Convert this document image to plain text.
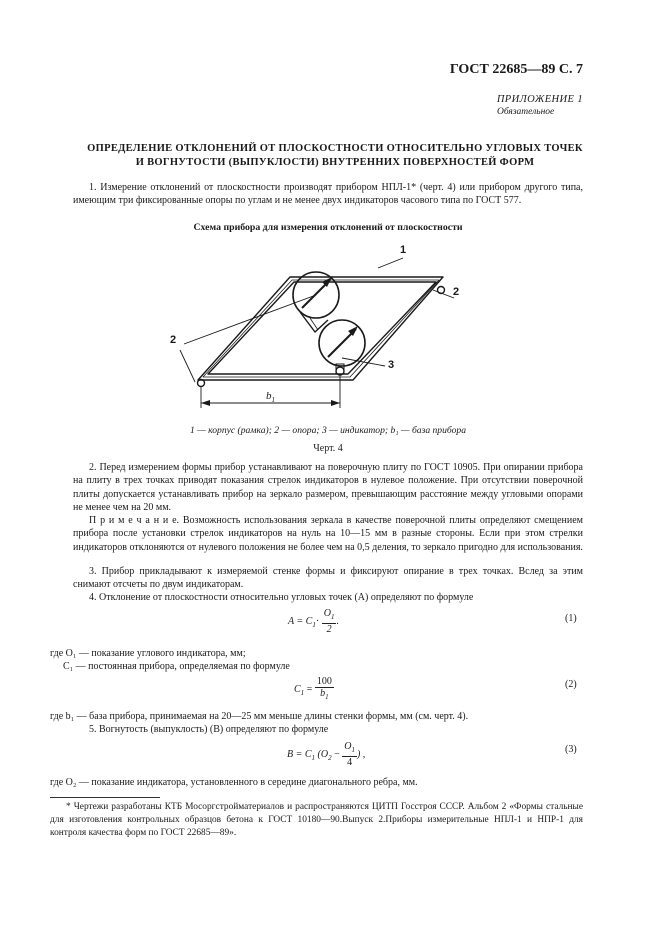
ГОСТ 22685—89 С. 7
ПРИЛОЖЕНИЕ 1
Обязательное
ОПРЕДЕЛЕНИЕ ОТКЛОНЕНИЙ ОТ ПЛОСКОСТНОСТИ ОТНОСИТЕЛЬНО УГЛОВЫХ ТОЧЕК
И ВОГНУТОСТИ (ВЫПУКЛОСТИ) ВНУТРЕННИХ ПОВЕРХНОСТЕЙ ФОРМ
1. Измерение отклонений от плоскостности производят прибором НПЛ-1* (черт. 4) или прибором другого типа, имеющим три фиксированные опоры по углам и не менее двух индикаторов часового типа по ГОСТ 577.
Схема прибора для измерения отклонений от плоскостности
1
2
2
3
$b_1$
1 — корпус (рамка); 2 — опора; 3 — индикатор; b₁ — база прибора
Черт. 4
2. Перед измерением формы прибор устанавливают на поверочную плиту по ГОСТ 10905. При опирании прибора на плиту в трех точках приводят показания стрелок индикаторов в нулевое положение. При отсутствии поверочной плиты допускается устанавливать прибор на зеркало размером, превышающим расстояние между угловыми опорами не менее чем на 20 мм.
П р и м е ч а н и е. Возможность использования зеркала в качестве поверочной плиты определяют смещением прибора после установки стрелок индикаторов на нуль на 10—15 мм в разные стороны. Если при этом стрелки индикаторов отклоняются от нулевого положения не более чем на 0,5 деления, то зеркало пригодно для использования.
3. Прибор прикладывают к измеряемой стенке формы и фиксируют опирание в трех точках. Вслед за этим снимают отсчеты по двум индикаторам.
4. Отклонение от плоскостности относительно угловых точек (A) определяют по формуле
$A = C_1\cdot \frac{O_1}{2}$ .	(1)
где O₁ — показание углового индикатора, мм;
C₁ — постоянная прибора, определяемая по формуле
$C_1 = \frac{100}{b_1}$	(2)
где b₁ — база прибора, принимаемая на 20—25 мм меньше длины стенки формы, мм (см. черт. 4).
5. Вогнутость (выпуклость) (B) определяют по формуле
$B = C_1$ ($O_2 - \frac{O_1}{4}$ ) ,	(3)
где O₂ — показание индикатора, установленного в середине диагонального ребра, мм.
* Чертежи разработаны КТБ Мосоргстройматериалов и распространяются ЦИТП Госстроя СССР. Альбом 2 «Формы стальные для изготовления контрольных образцов бетона к ГОСТ 10180—90.Выпуск 2.Приборы измерительные НПЛ-1 и НПР-1 для контроля качества форм по ГОСТ 22685—89».
